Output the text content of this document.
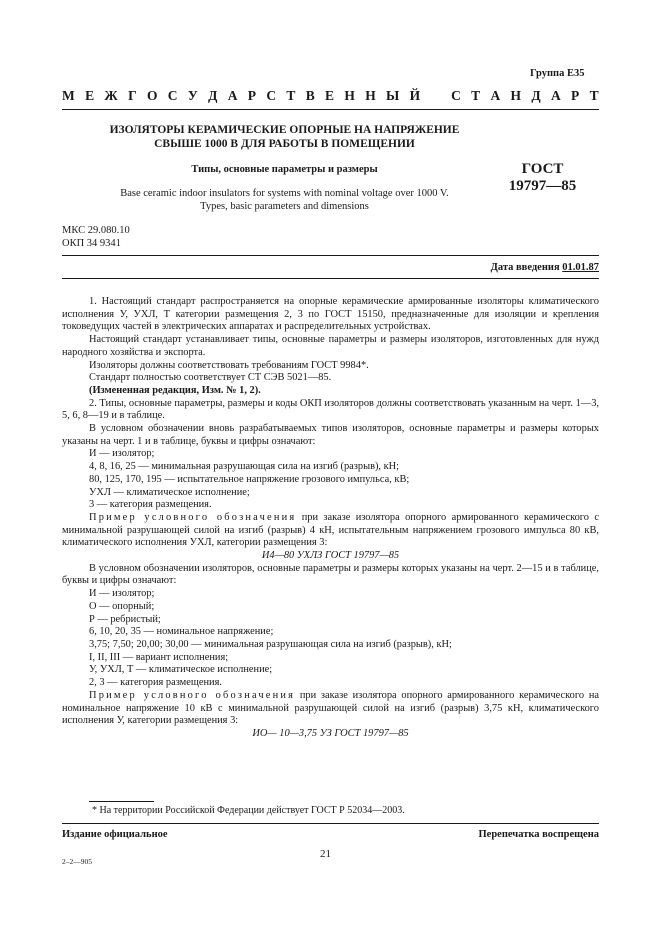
Группа Е35
М Е Ж Г О С У Д А Р С Т В Е Н Н Ы Й С Т А Н Д А Р Т
ИЗОЛЯТОРЫ КЕРАМИЧЕСКИЕ ОПОРНЫЕ НА НАПРЯЖЕНИЕ
СВЫШЕ 1000 В ДЛЯ РАБОТЫ В ПОМЕЩЕНИИ
ГОСТ
19797—85
Типы, основные параметры и размеры
Base ceramic indoor insulators for systems with nominal voltage over 1000 V.
Types, basic parameters and dimensions
МКС 29.080.10
ОКП 34 9341
Дата введения 01.01.87

1. Настоящий стандарт распространяется на опорные керамические армированные изоляторы климатического исполнения У, УХЛ, Т категории размещения 2, 3 по ГОСТ 15150, предназначенные для изоляции и крепления токоведущих частей в электрических аппаратах и распределительных устройствах.

Настоящий стандарт устанавливает типы, основные параметры и размеры изоляторов, изготовленных для нужд народного хозяйства и экспорта.

Изоляторы должны соответствовать требованиям ГОСТ 9984*.

Стандарт полностью соответствует СТ СЭВ 5021—85.

(Измененная редакция, Изм. № 1, 2).

2. Типы, основные параметры, размеры и коды ОКП изоляторов должны соответствовать указанным на черт. 1—3, 5, 6, 8—19 и в таблице.

В условном обозначении вновь разрабатываемых типов изоляторов, основные параметры и размеры которых указаны на черт. 1 и в таблице, буквы и цифры означают:

И — изолятор;

4, 8, 16, 25 — минимальная разрушающая сила на изгиб (разрыв), кН;

80, 125, 170, 195 — испытательное напряжение грозового импульса, кВ;

УХЛ — климатическое исполнение;

3 — категория размещения.

Пример условного обозначения при заказе изолятора опорного армированного керамического с минимальной разрушающей силой на изгиб (разрыв) 4 кН, испытательным напряжением грозового импульса 80 кВ, климатического исполнения УХЛ, категории размещения 3:

И4—80 УХЛЗ ГОСТ 19797—85

В условном обозначении изоляторов, основные параметры и размеры которых указаны на черт. 2—15 и в таблице, буквы и цифры означают:

И — изолятор;

О — опорный;

Р — ребристый;

6, 10, 20, 35 — номинальное напряжение;

3,75; 7,50; 20,00; 30,00 — минимальная разрушающая сила на изгиб (разрыв), кН;

I, II, III — вариант исполнения;

У, УХЛ, Т — климатическое исполнение;

2, 3 — категория размещения.

Пример условного обозначения при заказе изолятора опорного армированного керамического на номинальное напряжение 10 кВ с минимальной разрушающей силой на изгиб (разрыв) 3,75 кН, климатического исполнения У, категории размещения 3:

ИО— 10—3,75 УЗ ГОСТ 19797—85

* На территории Российской Федерации действует ГОСТ Р 52034—2003.
Издание официальное	Перепечатка воспрещена
21
2–2—905
